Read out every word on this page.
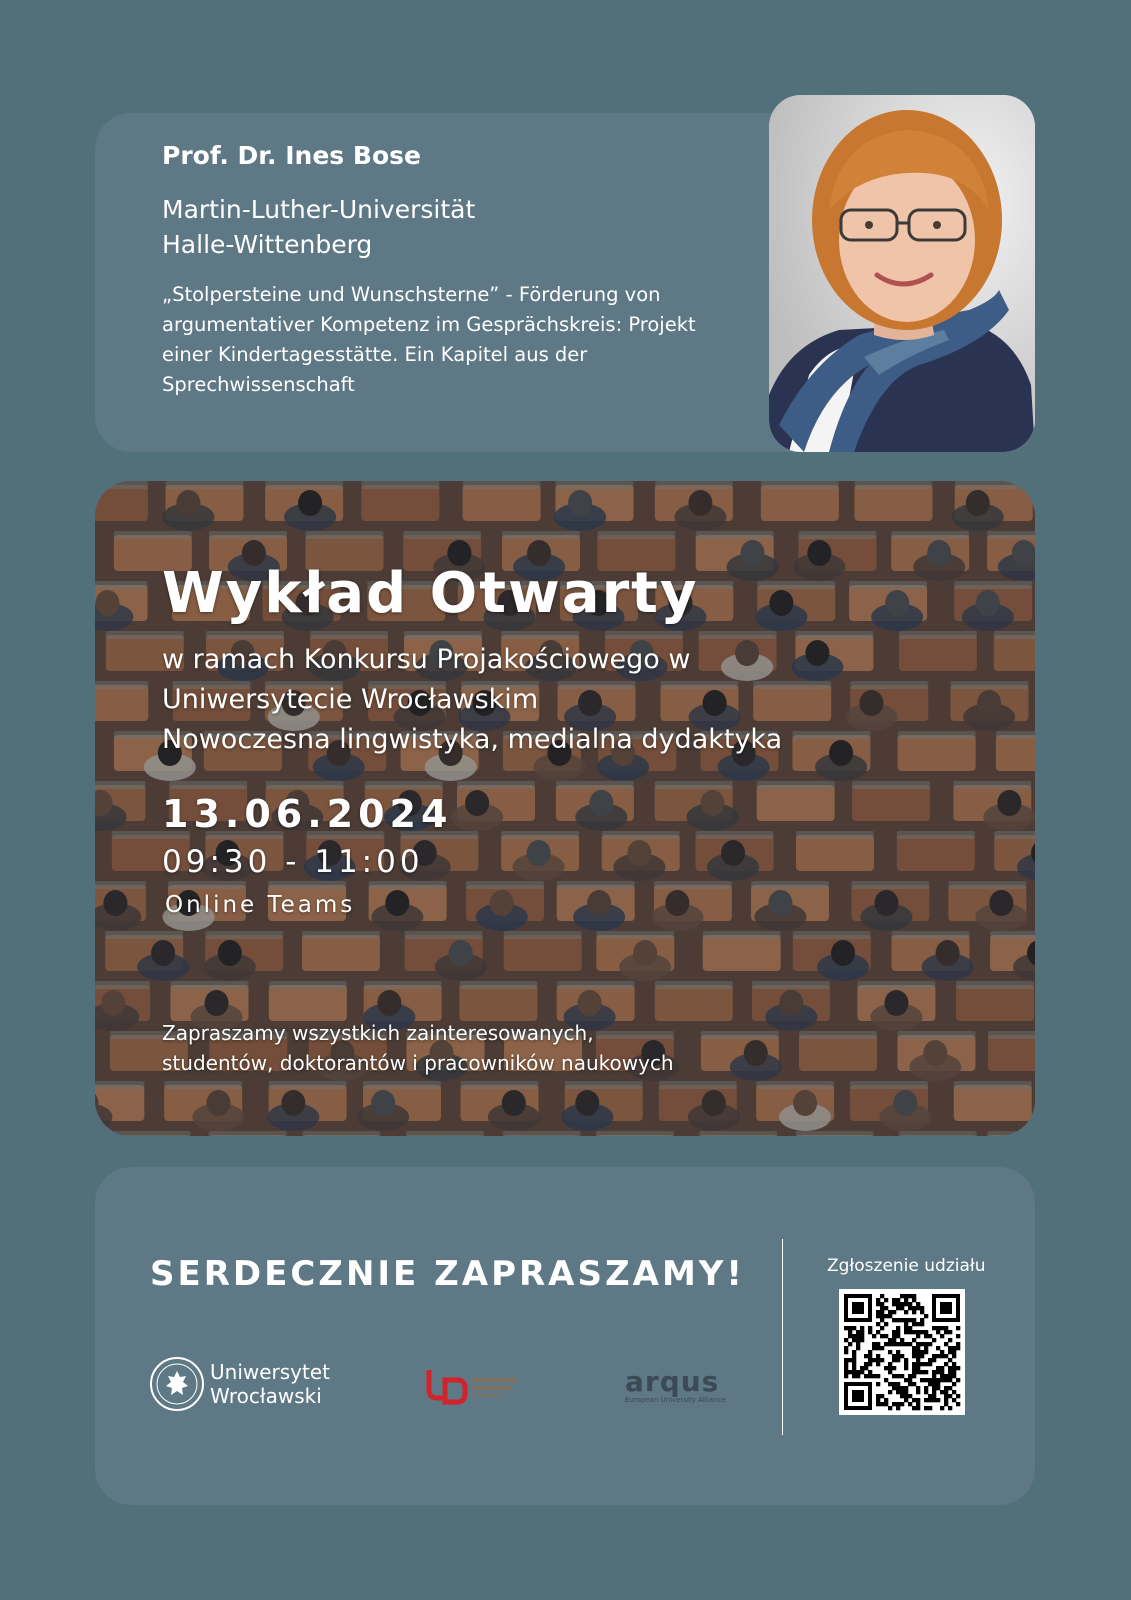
Prof. Dr. Ines Bose

Martin-Luther-Universität
Halle-Wittenberg

„Stolpersteine und Wunschsterne” - Förderung von argumentativer Kompetenz im Gesprächskreis: Projekt einer Kindertagesstätte. Ein Kapitel aus der Sprechwissenschaft

Wykład Otwarty
w ramach Konkursu Projakościowego w
Uniwersytecie Wrocławskim
Nowoczesna lingwistyka, medialna dydaktyka
13.06.2024
09:30 - 11:00
Online Teams
Zapraszamy wszystkich zainteresowanych,
studentów, doktorantów i pracowników naukowych
SERDECZNIE ZAPRASZAMY!
Uniwersytet
Wrocławski	arqus
European University Alliance
Zgłoszenie udziału
